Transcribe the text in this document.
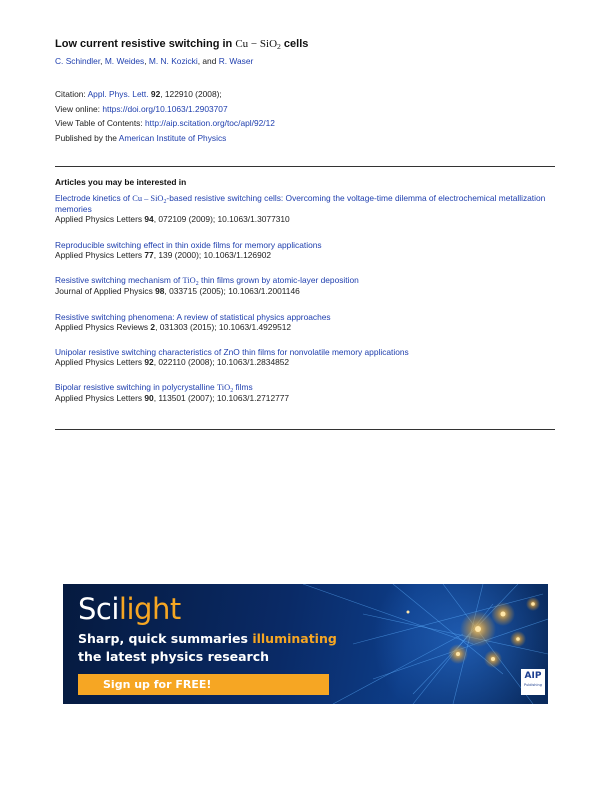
Low current resistive switching in Cu − SiO$_2$ cells
C. Schindler, M. Weides, M. N. Kozicki, and R. Waser
Citation: Appl. Phys. Lett. 92, 122910 (2008);
View online: https://doi.org/10.1063/1.2903707
View Table of Contents: http://aip.scitation.org/toc/apl/92/12
Published by the American Institute of Physics
Articles you may be interested in
Electrode kinetics of Cu – SiO$_2$-based resistive switching cells: Overcoming the voltage-time dilemma of electrochemical metallization memories
Applied Physics Letters 94, 072109 (2009); 10.1063/1.3077310
Reproducible switching effect in thin oxide films for memory applications
Applied Physics Letters 77, 139 (2000); 10.1063/1.126902
Resistive switching mechanism of TiO$_2$ thin films grown by atomic-layer deposition
Journal of Applied Physics 98, 033715 (2005); 10.1063/1.2001146
Resistive switching phenomena: A review of statistical physics approaches
Applied Physics Reviews 2, 031303 (2015); 10.1063/1.4929512
Unipolar resistive switching characteristics of ZnO thin films for nonvolatile memory applications
Applied Physics Letters 92, 022110 (2008); 10.1063/1.2834852
Bipolar resistive switching in polycrystalline TiO$_2$ films
Applied Physics Letters 90, 113501 (2007); 10.1063/1.2712777
Scilight
Sharp, quick summaries illuminating
the latest physics research
Sign up for FREE!
AIP
Publishing
